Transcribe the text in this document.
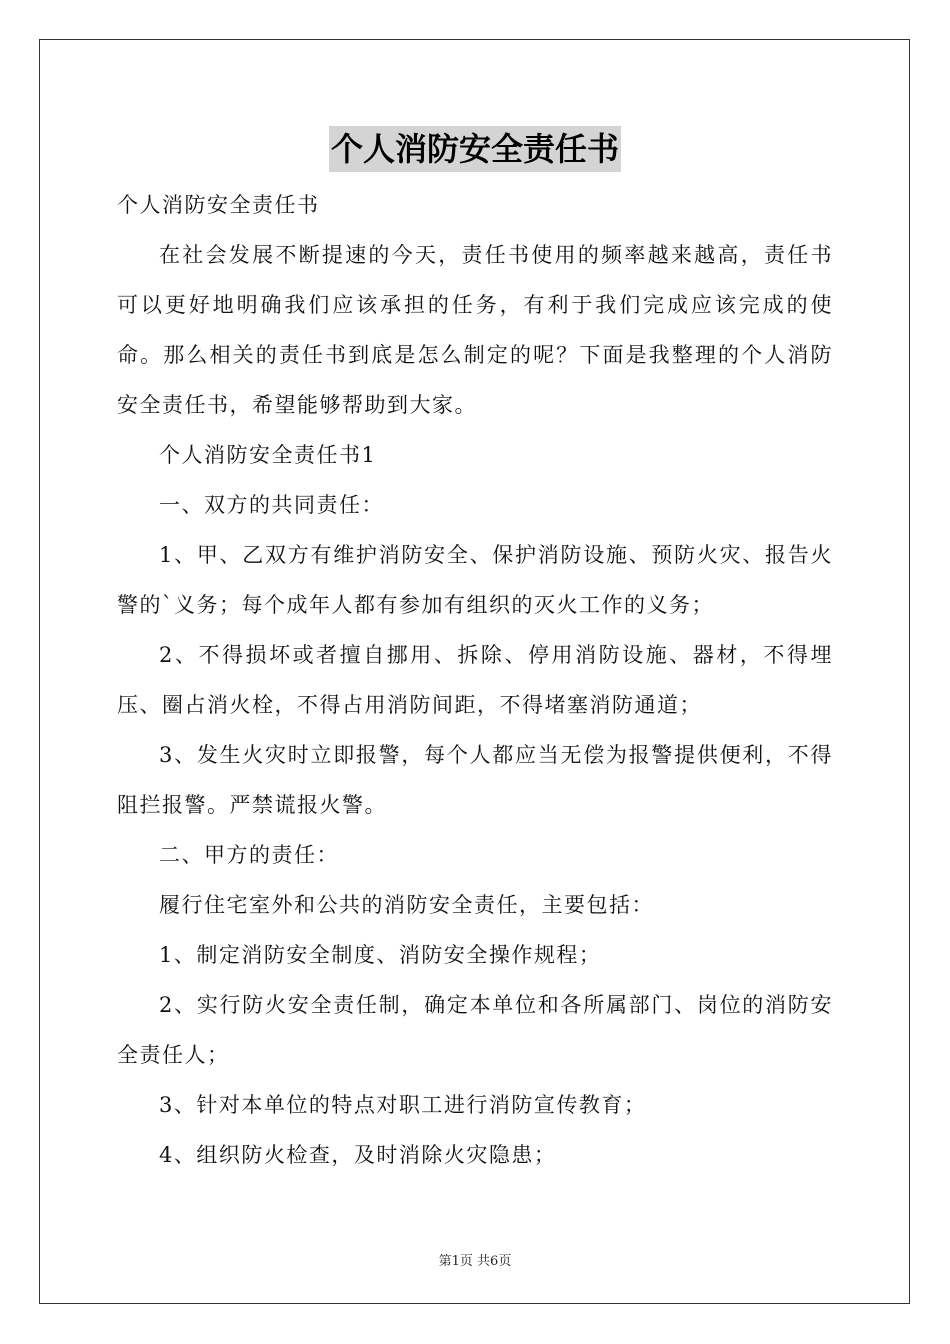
个人消防安全责任书

个人消防安全责任书

在社会发展不断提速的今天，责任书使用的频率越来越高，责任书可以更好地明确我们应该承担的任务，有利于我们完成应该完成的使命。那么相关的责任书到底是怎么制定的呢？下面是我整理的个人消防安全责任书，希望能够帮助到大家。

个人消防安全责任书1

一、双方的共同责任：

1、甲、乙双方有维护消防安全、保护消防设施、预防火灾、报告火警的`义务；每个成年人都有参加有组织的灭火工作的义务；

2、不得损坏或者擅自挪用、拆除、停用消防设施、器材，不得埋压、圈占消火栓，不得占用消防间距，不得堵塞消防通道；

3、发生火灾时立即报警，每个人都应当无偿为报警提供便利，不得阻拦报警。严禁谎报火警。

二、甲方的责任：

履行住宅室外和公共的消防安全责任，主要包括：

1、制定消防安全制度、消防安全操作规程；

2、实行防火安全责任制，确定本单位和各所属部门、岗位的消防安全责任人；

3、针对本单位的特点对职工进行消防宣传教育；

4、组织防火检查，及时消除火灾隐患；

第1页 共6页
